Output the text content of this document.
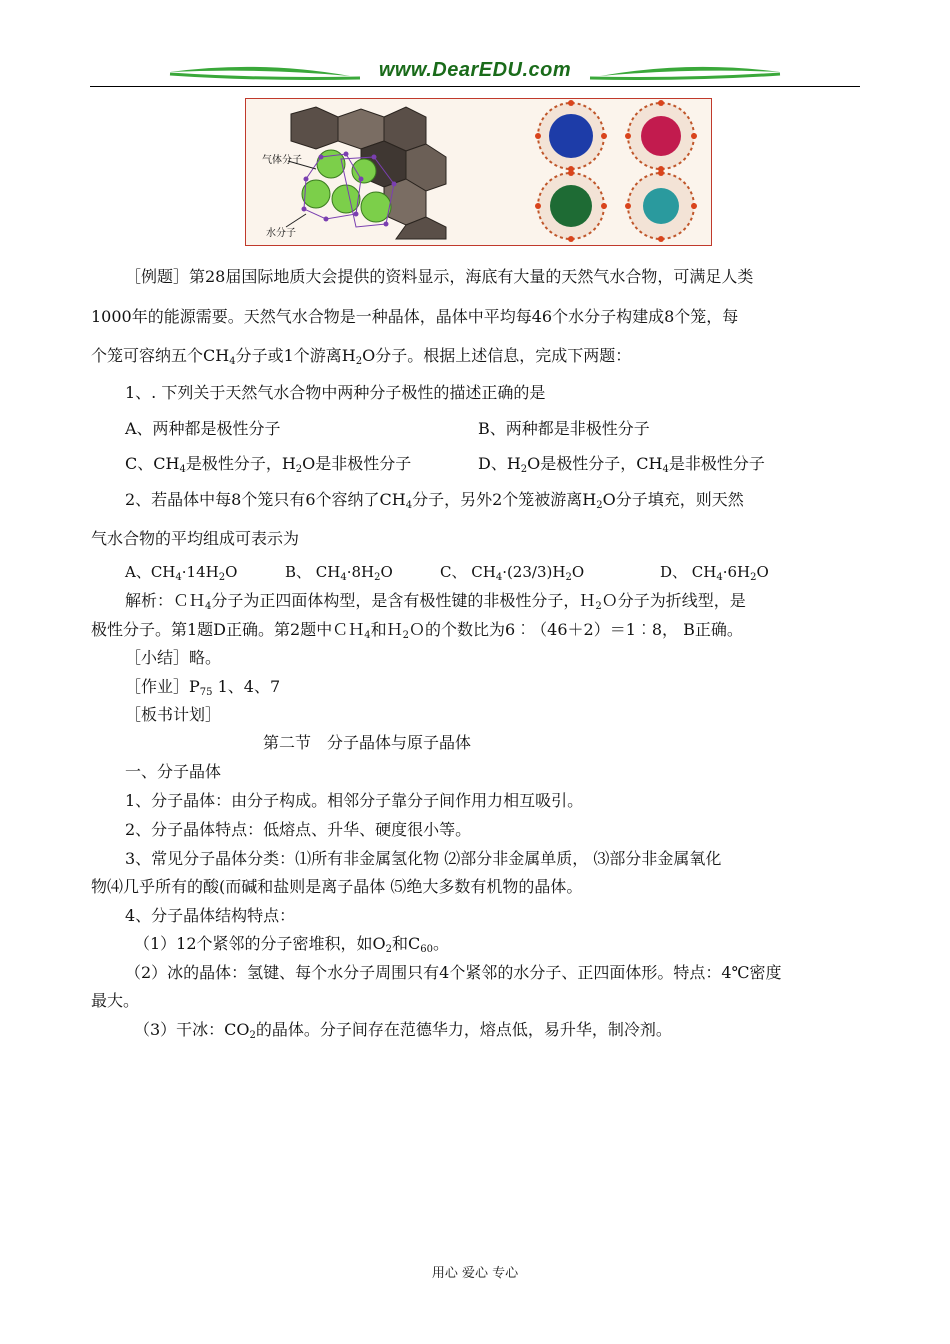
www.DearEDU.com
气体分子
水分子
［例题］第28届国际地质大会提供的资料显示，海底有大量的天然气水合物，可满足人类
1000年的能源需要。天然气水合物是一种晶体，晶体中平均每46个水分子构建成8个笼，每
个笼可容纳五个$CH_4$分子或1个游离$H_2O$分子。根据上述信息，完成下两题：
1、. 下列关于天然气水合物中两种分子极性的描述正确的是
A、两种都是极性分子	B、两种都是非极性分子
C、$CH_4$是极性分子，$H_2O$是非极性分子	D、$H_2O$是极性分子，$CH_4$是非极性分子
2、若晶体中每8个笼只有6个容纳了$CH_4$分子，另外2个笼被游离$H_2O$分子填充，则天然
气水合物的平均组成可表示为
A、$CH_4\cdot 14H_2O$	B、 $CH_4\cdot 8H_2O$	C、 $CH_4\cdot(23/3)H_2O$	D、 $CH_4\cdot 6H_2O$
解析：ＣＨ$_4$分子为正四面体构型，是含有极性键的非极性分子，Ｈ$_2$Ｏ分子为折线型，是
极性分子。第1题D正确。第2题中ＣＨ$_4$和Ｈ$_2$Ｏ的个数比为6︰（46＋2）＝1︰8， B正确。
［小结］略。
［作业$]P_{75}$ 1、4、7
［板书计划］
第二节　分子晶体与原子晶体
一、分子晶体
1、分子晶体：由分子构成。相邻分子靠分子间作用力相互吸引。
2、分子晶体特点：低熔点、升华、硬度很小等。
3、常见分子晶体分类：⑴所有非金属氢化物 ⑵部分非金属单质， ⑶部分非金属氧化
物⑷几乎所有的酸(而碱和盐则是离子晶体 ⑸绝大多数有机物的晶体。
4、分子晶体结构特点：
（1）12个紧邻的分子密堆积，如$O_2$和$C_{60}$。
（2）冰的晶体：氢键、每个水分子周围只有4个紧邻的水分子、正四面体形。特点：4℃密度
最大。
（3）干冰：$CO_2$的晶体。分子间存在范德华力，熔点低，易升华，制冷剂。
用心 爱心 专心
